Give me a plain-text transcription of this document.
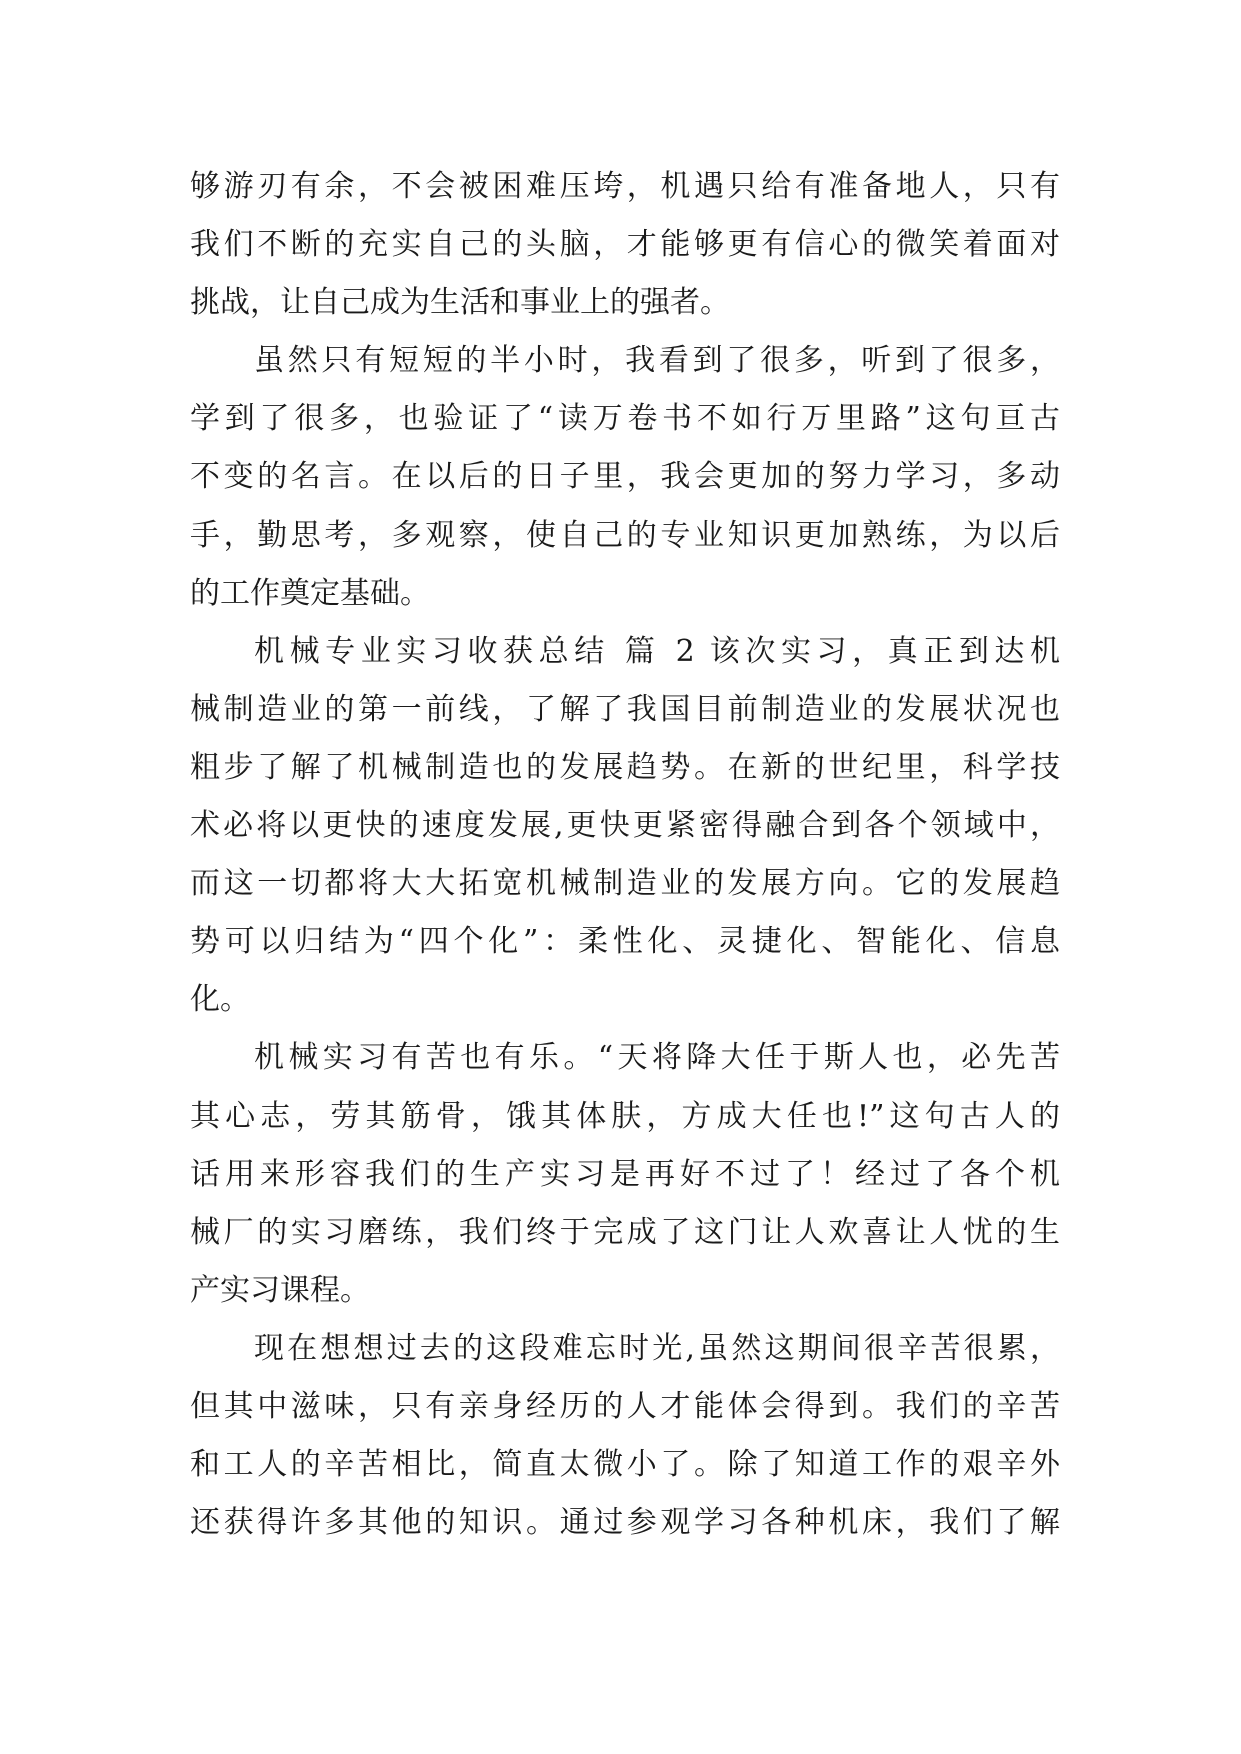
够游刃有余，不会被困难压垮，机遇只给有准备地人，只有
我们不断的充实自己的头脑，才能够更有信心的微笑着面对
挑战，让自己成为生活和事业上的强者。
虽然只有短短的半小时，我看到了很多，听到了很多，
学到了很多，也验证了“读万卷书不如行万里路”这句亘古
不变的名言。在以后的日子里，我会更加的努力学习，多动
手，勤思考，多观察，使自己的专业知识更加熟练，为以后
的工作奠定基础。
机械专业实习收获总结 篇 2 该次实习，真正到达机
械制造业的第一前线，了解了我国目前制造业的发展状况也
粗步了解了机械制造也的发展趋势。在新的世纪里，科学技
术必将以更快的速度发展,更快更紧密得融合到各个领域中，
而这一切都将大大拓宽机械制造业的发展方向。它的发展趋
势可以归结为“四个化”：柔性化、灵捷化、智能化、信息
化。
机械实习有苦也有乐。“天将降大任于斯人也，必先苦
其心志，劳其筋骨，饿其体肤，方成大任也!”这句古人的
话用来形容我们的生产实习是再好不过了！经过了各个机
械厂的实习磨练，我们终于完成了这门让人欢喜让人忧的生
产实习课程。
现在想想过去的这段难忘时光,虽然这期间很辛苦很累，
但其中滋味，只有亲身经历的人才能体会得到。我们的辛苦
和工人的辛苦相比，简直太微小了。除了知道工作的艰辛外
还获得许多其他的知识。通过参观学习各种机床，我们了解
